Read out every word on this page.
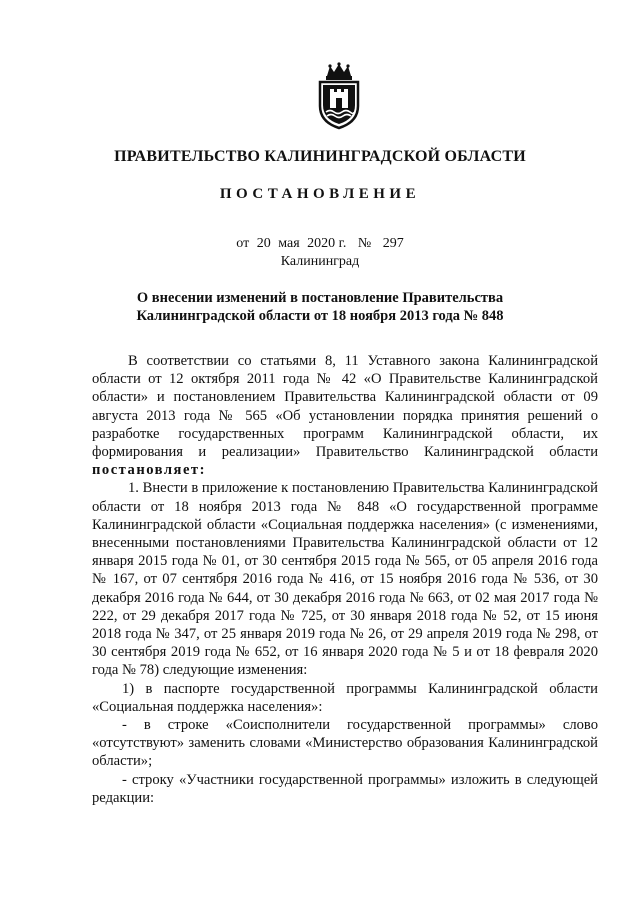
ПРАВИТЕЛЬСТВО КАЛИНИНГРАДСКОЙ ОБЛАСТИ
ПОСТАНОВЛЕНИЕ
от 20 мая 2020 г. № 297
Калининград
О внесении изменений в постановление Правительства
Калининградской области от 18 ноября 2013 года № 848

В соответствии со статьями 8, 11 Уставного закона Калининградской области от 12 октября 2011 года № 42 «О Правительстве Калининградской области» и постановлением Правительства Калининградской области от 09 августа 2013 года № 565 «Об установлении порядка принятия решений о разработке государственных программ Калининградской области, их формирования и реализации» Правительство Калининградской области постановляет:

1. Внести в приложение к постановлению Правительства Калининградской области от 18 ноября 2013 года № 848 «О государственной программе Калининградской области «Социальная поддержка населения» (с изменениями, внесенными постановлениями Правительства Калининградской области от 12 января 2015 года № 01, от 30 сентября 2015 года № 565, от 05 апреля 2016 года № 167, от 07 сентября 2016 года № 416, от 15 ноября 2016 года № 536, от 30 декабря 2016 года № 644, от 30 декабря 2016 года № 663, от 02 мая 2017 года № 222, от 29 декабря 2017 года № 725, от 30 января 2018 года № 52, от 15 июня 2018 года № 347, от 25 января 2019 года № 26, от 29 апреля 2019 года № 298, от 30 сентября 2019 года № 652, от 16 января 2020 года № 5 и от 18 февраля 2020 года № 78) следующие изменения:

1) в паспорте государственной программы Калининградской области «Социальная поддержка населения»:

- в строке «Соисполнители государственной программы» слово «отсутствуют» заменить словами «Министерство образования Калининградской области»;

- строку «Участники государственной программы» изложить в следующей редакции:
